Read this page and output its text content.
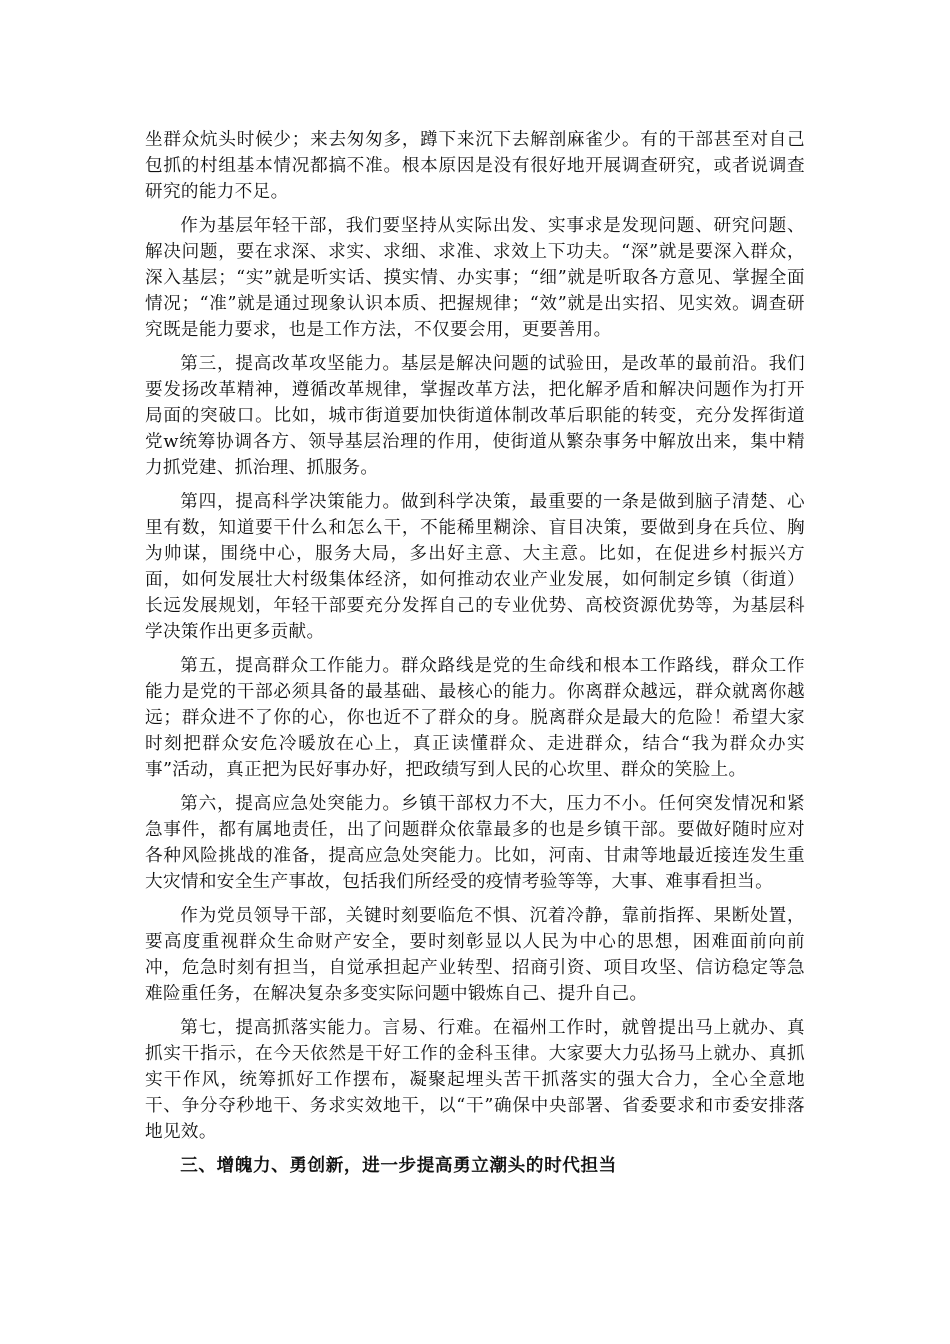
坐群众炕头时候少；来去匆匆多，蹲下来沉下去解剖麻雀少。有的干部甚至对自己包抓的村组基本情况都搞不准。根本原因是没有很好地开展调查研究，或者说调查研究的能力不足。

作为基层年轻干部，我们要坚持从实际出发、实事求是发现问题、研究问题、解决问题，要在求深、求实、求细、求准、求效上下功夫。“深”就是要深入群众，深入基层；“实”就是听实话、摸实情、办实事；“细”就是听取各方意见、掌握全面情况；“准”就是通过现象认识本质、把握规律；“效”就是出实招、见实效。调查研究既是能力要求，也是工作方法，不仅要会用，更要善用。

第三，提高改革攻坚能力。基层是解决问题的试验田，是改革的最前沿。我们要发扬改革精神，遵循改革规律，掌握改革方法，把化解矛盾和解决问题作为打开局面的突破口。比如，城市街道要加快街道体制改革后职能的转变，充分发挥街道党w统筹协调各方、领导基层治理的作用，使街道从繁杂事务中解放出来，集中精力抓党建、抓治理、抓服务。

第四，提高科学决策能力。做到科学决策，最重要的一条是做到脑子清楚、心里有数，知道要干什么和怎么干，不能稀里糊涂、盲目决策，要做到身在兵位、胸为帅谋，围绕中心，服务大局，多出好主意、大主意。比如，在促进乡村振兴方面，如何发展壮大村级集体经济，如何推动农业产业发展，如何制定乡镇（街道）长远发展规划，年轻干部要充分发挥自己的专业优势、高校资源优势等，为基层科学决策作出更多贡献。

第五，提高群众工作能力。群众路线是党的生命线和根本工作路线，群众工作能力是党的干部必须具备的最基础、最核心的能力。你离群众越远，群众就离你越远；群众进不了你的心，你也近不了群众的身。脱离群众是最大的危险！希望大家时刻把群众安危冷暖放在心上，真正读懂群众、走进群众，结合“我为群众办实事”活动，真正把为民好事办好，把政绩写到人民的心坎里、群众的笑脸上。

第六，提高应急处突能力。乡镇干部权力不大，压力不小。任何突发情况和紧急事件，都有属地责任，出了问题群众依靠最多的也是乡镇干部。要做好随时应对各种风险挑战的准备，提高应急处突能力。比如，河南、甘肃等地最近接连发生重大灾情和安全生产事故，包括我们所经受的疫情考验等等，大事、难事看担当。

作为党员领导干部，关键时刻要临危不惧、沉着冷静，靠前指挥、果断处置，要高度重视群众生命财产安全，要时刻彰显以人民为中心的思想，困难面前向前冲，危急时刻有担当，自觉承担起产业转型、招商引资、项目攻坚、信访稳定等急难险重任务，在解决复杂多变实际问题中锻炼自己、提升自己。

第七，提高抓落实能力。言易、行难。在福州工作时，就曾提出马上就办、真抓实干指示，在今天依然是干好工作的金科玉律。大家要大力弘扬马上就办、真抓实干作风，统筹抓好工作摆布，凝聚起埋头苦干抓落实的强大合力，全心全意地干、争分夺秒地干、务求实效地干，以“干”确保中央部署、省委要求和市委安排落地见效。

三、增魄力、勇创新，进一步提高勇立潮头的时代担当
